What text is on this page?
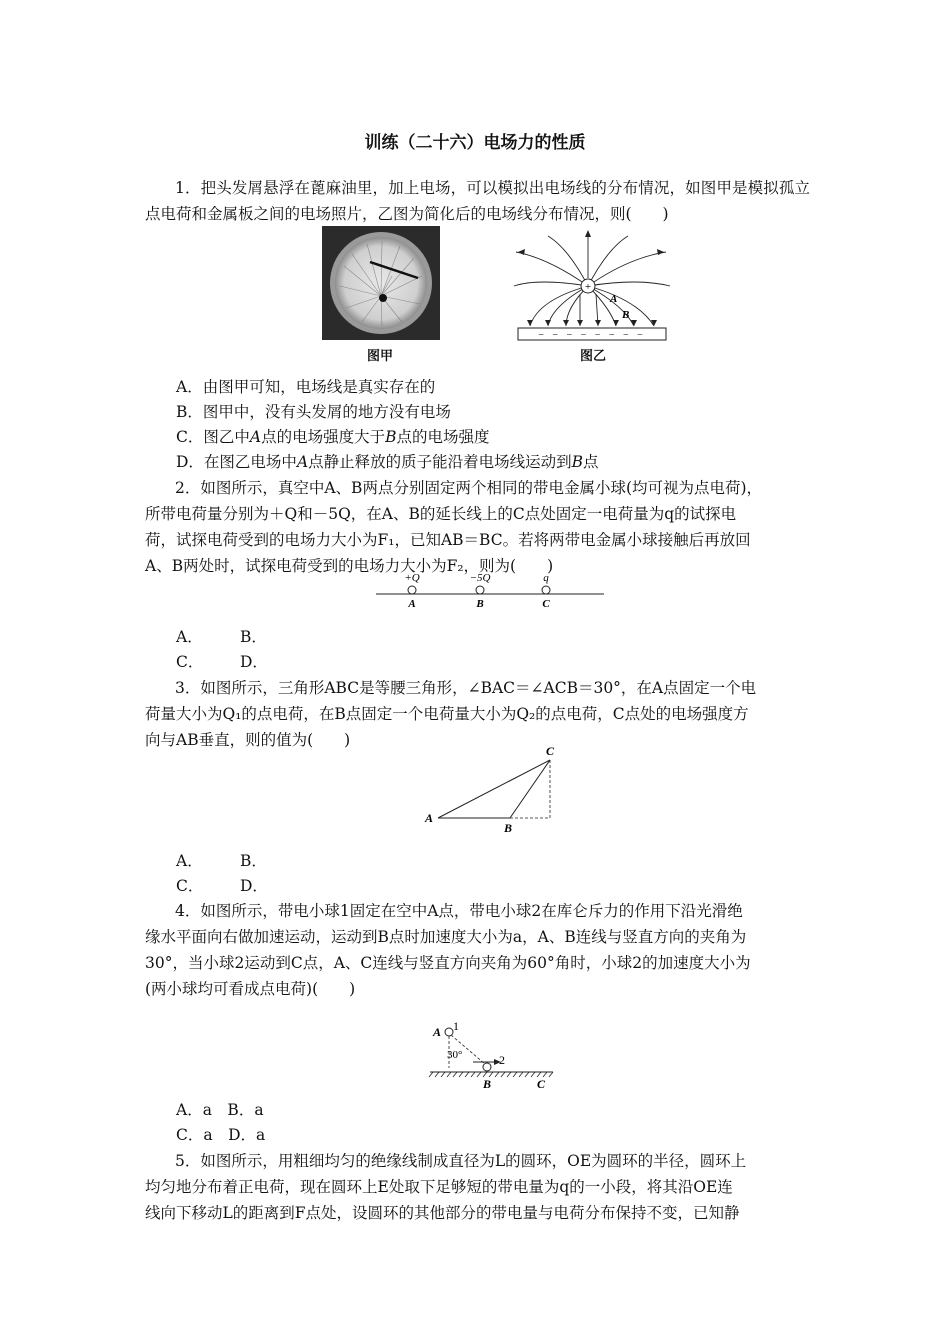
训练（二十六）电场力的性质
1．把头发屑悬浮在蓖麻油里，加上电场，可以模拟出电场线的分布情况，如图甲是模拟孤立点电荷和金属板之间的电场照片，乙图为简化后的电场线分布情况，则(　　)
图甲
+
A
B
− − − − − − − −
图乙
A．由图甲可知，电场线是真实存在的
B．图甲中，没有头发屑的地方没有电场
C．图乙中A点的电场强度大于B点的电场强度
D．在图乙电场中A点静止释放的质子能沿着电场线运动到B点
2．如图所示，真空中A、B两点分别固定两个相同的带电金属小球(均可视为点电荷)，
所带电荷量分别为＋Q和－5Q，在A、B的延长线上的C点处固定一电荷量为q的试探电
荷，试探电荷受到的电场力大小为F₁，已知AB＝BC。若将两带电金属小球接触后再放回
A、B两处时，试探电荷受到的电场力大小为F₂，则为(　　)
+Q	−5Q	q
A	B	C
A． B．
C． D．
3．如图所示，三角形ABC是等腰三角形，∠BAC＝∠ACB＝30°，在A点固定一个电
荷量大小为Q₁的点电荷，在B点固定一个电荷量大小为Q₂的点电荷，C点处的电场强度方
向与AB垂直，则的值为(　　)
A
B
C
A． B．
C． D．
4．如图所示，带电小球1固定在空中A点，带电小球2在库仑斥力的作用下沿光滑绝
缘水平面向右做加速运动，运动到B点时加速度大小为a，A、B连线与竖直方向的夹角为
30°，当小球2运动到C点，A、C连线与竖直方向夹角为60°角时，小球2的加速度大小为
(两小球均可看成点电荷)(　　)
A 1
30°	2
B	C
A．a　B．a
C．a　D．a
5．如图所示，用粗细均匀的绝缘线制成直径为L的圆环，OE为圆环的半径，圆环上
均匀地分布着正电荷，现在圆环上E处取下足够短的带电量为q的一小段，将其沿OE连
线向下移动L的距离到F点处，设圆环的其他部分的带电量与电荷分布保持不变，已知静
